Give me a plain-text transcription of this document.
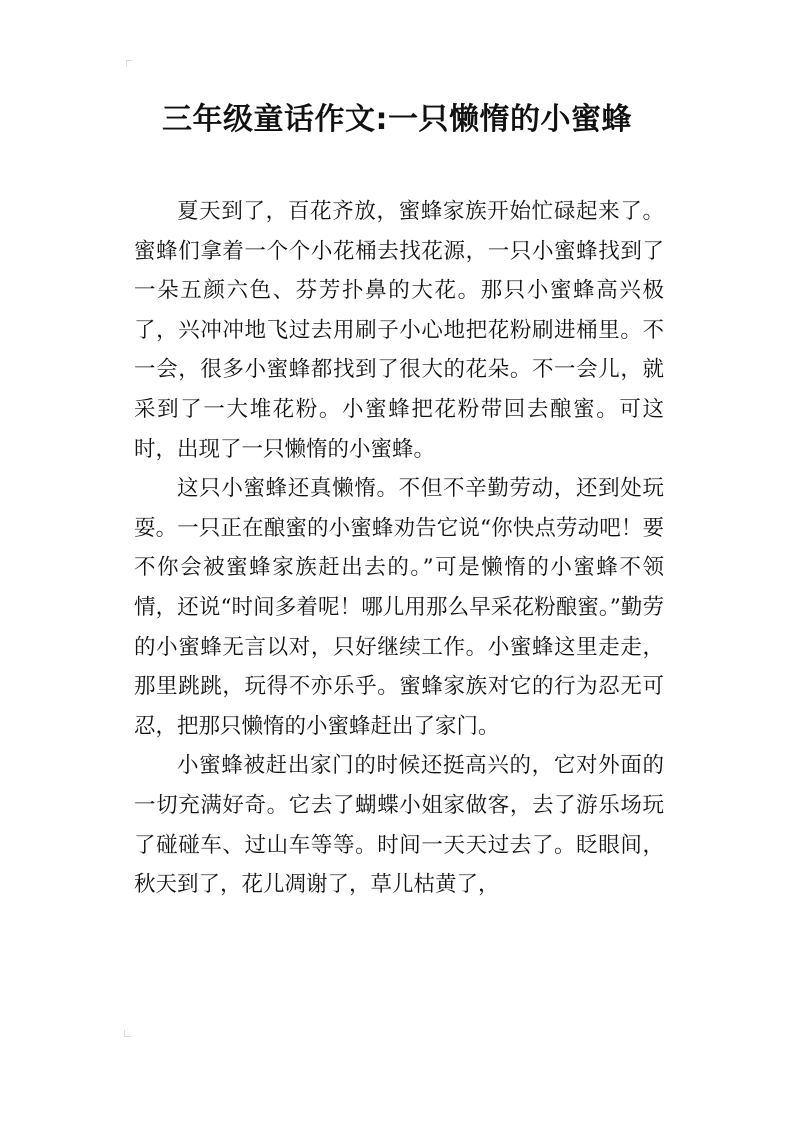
三年级童话作文:一只懒惰的小蜜蜂

夏天到了，百花齐放，蜜蜂家族开始忙碌起来了。蜜蜂们拿着一个个小花桶去找花源，一只小蜜蜂找到了一朵五颜六色、芬芳扑鼻的大花。那只小蜜蜂高兴极了，兴冲冲地飞过去用刷子小心地把花粉刷进桶里。不一会，很多小蜜蜂都找到了很大的花朵。不一会儿，就采到了一大堆花粉。小蜜蜂把花粉带回去酿蜜。可这时，出现了一只懒惰的小蜜蜂。

这只小蜜蜂还真懒惰。不但不辛勤劳动，还到处玩耍。一只正在酿蜜的小蜜蜂劝告它说“你快点劳动吧！要不你会被蜜蜂家族赶出去的。”可是懒惰的小蜜蜂不领情，还说“时间多着呢！哪儿用那么早采花粉酿蜜。”勤劳的小蜜蜂无言以对，只好继续工作。小蜜蜂这里走走，那里跳跳，玩得不亦乐乎。蜜蜂家族对它的行为忍无可忍，把那只懒惰的小蜜蜂赶出了家门。

小蜜蜂被赶出家门的时候还挺高兴的，它对外面的一切充满好奇。它去了蝴蝶小姐家做客，去了游乐场玩了碰碰车、过山车等等。时间一天天过去了。眨眼间，秋天到了，花儿凋谢了，草儿枯黄了，
